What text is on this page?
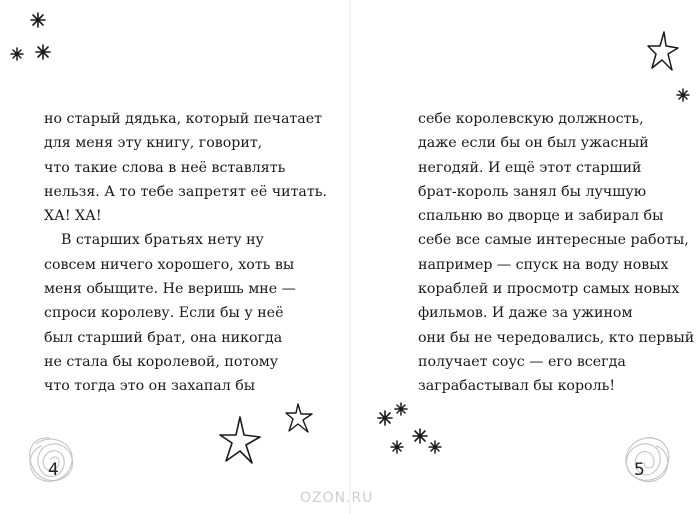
но старый дядька, который печатает
для меня эту книгу, говорит,
что такие слова в неё вставлять
нельзя. А то тебе запретят её читать.
ХА! ХА!
В старших братьях нету ну
совсем ничего хорошего, хоть вы
меня обыщите. Не веришь мне —
спроси королеву. Если бы у неё
был старший брат, она никогда
не стала бы королевой, потому
что тогда это он захапал бы
4
себе королевскую должность,
даже если бы он был ужасный
негодяй. И ещё этот старший
брат-король занял бы лучшую
спальню во дворце и забирал бы
себе все самые интересные работы,
например — спуск на воду новых
кораблей и просмотр самых новых
фильмов. И даже за ужином
они бы не чередовались, кто первый
получает соус — его всегда
заграбастывал бы король!
5
OZON.RU
